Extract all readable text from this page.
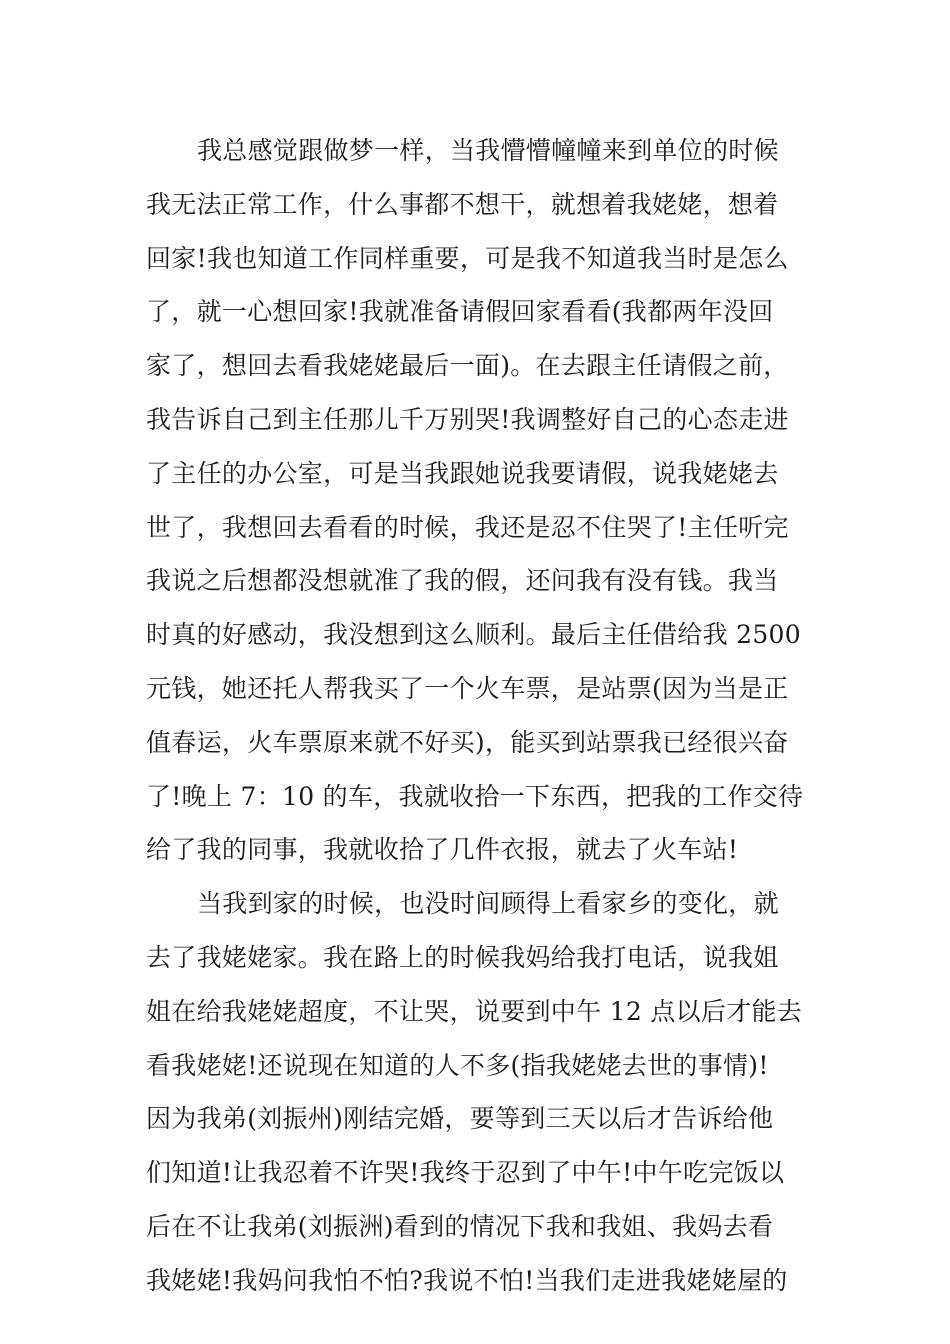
我总感觉跟做梦一样，当我懵懵幢幢来到单位的时候
我无法正常工作，什么事都不想干，就想着我姥姥，想着
回家!我也知道工作同样重要，可是我不知道我当时是怎么
了，就一心想回家!我就准备请假回家看看(我都两年没回
家了，想回去看我姥姥最后一面)。在去跟主任请假之前，
我告诉自己到主任那儿千万别哭!我调整好自己的心态走进
了主任的办公室，可是当我跟她说我要请假，说我姥姥去
世了，我想回去看看的时候，我还是忍不住哭了!主任听完
我说之后想都没想就准了我的假，还问我有没有钱。我当
时真的好感动，我没想到这么顺利。最后主任借给我 2500
元钱，她还托人帮我买了一个火车票，是站票(因为当是正
值春运，火车票原来就不好买)，能买到站票我已经很兴奋
了!晚上 7：10 的车，我就收拾一下东西，把我的工作交待
给了我的同事，我就收拾了几件衣报，就去了火车站!
当我到家的时候，也没时间顾得上看家乡的变化，就
去了我姥姥家。我在路上的时候我妈给我打电话，说我姐
姐在给我姥姥超度，不让哭，说要到中午 12 点以后才能去
看我姥姥!还说现在知道的人不多(指我姥姥去世的事情)!
因为我弟(刘振州)刚结完婚，要等到三天以后才告诉给他
们知道!让我忍着不许哭!我终于忍到了中午!中午吃完饭以
后在不让我弟(刘振洲)看到的情况下我和我姐、我妈去看
我姥姥!我妈问我怕不怕?我说不怕!当我们走进我姥姥屋的
